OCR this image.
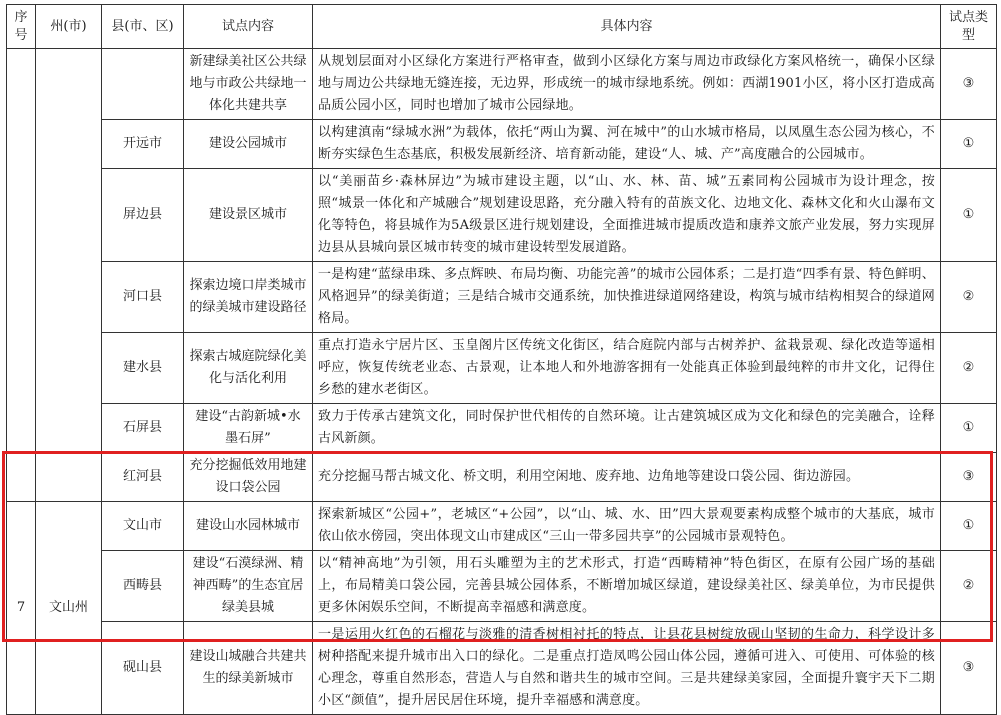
序号	州(市)	县(市、区)	试点内容	具体内容	试点类型
			新建绿美社区公共绿地与市政公共绿地一体化共建共享	从规划层面对小区绿化方案进行严格审查，做到小区绿化方案与周边市政绿化方案风格统一，确保小区绿地与周边公共绿地无缝连接，无边界，形成统一的城市绿地系统。例如：西湖1901小区，将小区打造成高品质公园小区，同时也增加了城市公园绿地。	③
		开远市	建设公园城市	以构建滇南“绿城水洲”为载体，依托“两山为翼、河在城中”的山水城市格局，以凤凰生态公园为核心，不断夯实绿色生态基底，积极发展新经济、培育新动能，建设“人、城、产”高度融合的公园城市。	①
		屏边县	建设景区城市	以“美丽苗乡·森林屏边”为城市建设主题，以“山、水、林、苗、城”五素同构公园城市为设计理念，按照“城景一体化和产城融合”规划建设思路，充分融入特有的苗族文化、边地文化、森林文化和火山瀑布文化等特色，将县城作为5A级景区进行规划建设，全面推进城市提质改造和康养文旅产业发展，努力实现屏边县从县城向景区城市转变的城市建设转型发展道路。	①
		河口县	探索边境口岸类城市的绿美城市建设路径	一是构建“蓝绿串珠、多点辉映、布局均衡、功能完善”的城市公园体系；二是打造“四季有景、特色鲜明、风格迥异”的绿美街道；三是结合城市交通系统，加快推进绿道网络建设，构筑与城市结构相契合的绿道网格局。	②
		建水县	探索古城庭院绿化美化与活化利用	重点打造永宁居片区、玉皇阁片区传统文化街区，结合庭院内部与古树养护、盆栽景观、绿化改造等遥相呼应，恢复传统老业态、古景观，让本地人和外地游客拥有一处能真正体验到最纯粹的市井文化，记得住乡愁的建水老街区。	②
		石屏县	建设“古韵新城•水墨石屏”	致力于传承古建筑文化，同时保护世代相传的自然环境。让古建筑城区成为文化和绿色的完美融合，诠释古风新颜。	①
		红河县	充分挖掘低效用地建设口袋公园	充分挖掘马帮古城文化、桥文明，利用空闲地、废弃地、边角地等建设口袋公园、街边游园。	③
7	文山州	文山市	建设山水园林城市	探索新城区“公园+”，老城区“+公园”，以“山、城、水、田”四大景观要素构成整个城市的大基底，城市依山依水傍园，突出体现文山市建成区“三山一带多园共享”的公园城市景观特色。	①
		西畴县	建设“石漠绿洲、精神西畴”的生态宜居绿美县城	以“精神高地”为引领，用石头雕塑为主的艺术形式，打造“西畴精神”特色街区，在原有公园广场的基础上，布局精美口袋公园，完善县城公园体系，不断增加城区绿道，建设绿美社区、绿美单位，为市民提供更多休闲娱乐空间，不断提高幸福感和满意度。	②
		砚山县	建设山城融合共建共生的绿美新城市	一是运用火红色的石榴花与淡雅的清香树相衬托的特点，让县花县树绽放砚山坚韧的生命力，科学设计多树种搭配来提升城市出入口的绿化。二是重点打造凤鸣公园山体公园，遵循可进入、可使用、可体验的核心理念，尊重自然形态，营造人与自然和谐共生的城市空间。三是共建绿美家园，全面提升寰宇天下二期小区“颜值”，提升居民居住环境，提升幸福感和满意度。	③
